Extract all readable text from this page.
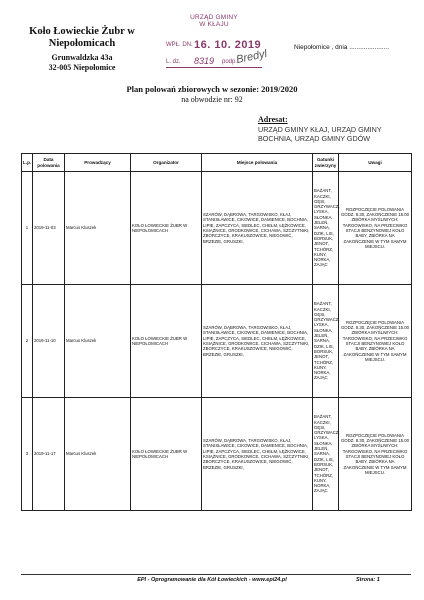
Koło Łowieckie Żubr w
Niepołomicach
Grunwaldzka 43a
32-005 Niepołomice
URZĄD GMINY
W KŁAJU
WPŁ. DN. 16. 10. 2019
L. dz. 8319 podp.
Bredyl
Niepołomice , dnia ......................
Plan polowań zbiorowych w sezonie: 2019/2020
na obwodzie nr: 92
Adresat:
URZĄD GMINY KŁAJ, URZĄD GMINY BOCHNIA, URZĄD GMINY GDÓW
L.p.	Data polowania	Prowadzący	Organizator	Miejsce polowania	Gatunki zwierzyny	Uwagi
1	2019-11-03	Marcus Kluszek	KOŁO ŁOWIECKIE ŻUBR W NIEPOŁOMICACH	SZARÓW, DĄBROWA, TARGOWISKO, KŁAJ, STANISŁAWICE, CIKOWICE, DAMIENICE, BOCHNIA, LIPIE, ZAPCZYCA, SIEDLEC, CHEŁM, ŁĘŻKOWICE, KSIĄŻNICE, GRODKOWICE, CICHAWA, SZCZYTNIKI, ZBORCZYCE, KRAKUSZOWICE, NIEGOWIĆ, BRZEZIE, GRUSZKI,	BAŻANT, KACZKI, GĘSI, GRZYWACZ, LYSKA, SŁONKA, JELEŃ, SARNA, DZIK, LIS, BORSUK, JENOT, TCHÓRZ, KUNY, NORKA, ZAJĄC	ROZPOCZĘCIE POLOWANIA GODZ. 8.30, ZAKOŃCZENIE 15.00 ZBIÓRKA MYŚLIWYCH: TARGOWISKO, NA PRZECIWKO STACJI BENZYNOWEJ KOŁO BABY, ZBIÓRKA NA ZAKOŃCZENIE W TYM SAMYM MIEJSCU.
2	2019-11-10	Marcus Kluszek	KOŁO ŁOWIECKIE ŻUBR W NIEPOŁOMICACH	SZARÓW, DĄBROWA, TARGOWISKO, KŁAJ, STANISŁAWICE, CIKOWICE, DAMIENICE, BOCHNIA, LIPIE, ZAPCZYCA, SIEDLEC, CHEŁM, ŁĘŻKOWICE, KSIĄŻNICE, GRODKOWICE, CICHAWA, SZCZYTNIKI, ZBORCZYCE, KRAKUSZOWICE, NIEGOWIĆ, BRZEZIE, GRUSZKI,	BAŻANT, KACZKI, GĘSI, GRZYWACZ, LYSKA, SŁONKA, JELEŃ, SARNA, DZIK, LIS, BORSUK, JENOT, TCHÓRZ, KUNY, NORKA, ZAJĄC	ROZPOCZĘCIE POLOWANIA GODZ. 8.30, ZAKOŃCZENIE 15.00 ZBIÓRKA MYŚLIWYCH: TARGOWISKO, NA PRZECIWKO STACJI BENZYNOWEJ KOŁO BABY, ZBIÓRKA NA ZAKOŃCZENIE W TYM SAMYM MIEJSCU.
3	2019-11-17	Marcus Kluszek	KOŁO ŁOWIECKIE ŻUBR W NIEPOŁOMICACH	SZARÓW, DĄBROWA, TARGOWISKO, KŁAJ, STANISŁAWICE, CIKOWICE, DAMIENICE, BOCHNIA, LIPIE, ZAPCZYCA, SIEDLEC, CHEŁM, ŁĘŻKOWICE, KSIĄŻNICE, GRODKOWICE, CICHAWA, SZCZYTNIKI, ZBORCZYCE, KRAKUSZOWICE, NIEGOWIĆ, BRZEZIE, GRUSZKI,	BAŻANT, KACZKI, GĘSI, GRZYWACZ, LYSKA, SŁONKA, JELEŃ, SARNA, DZIK, LIS, BORSUK, JENOT, TCHÓRZ, KUNY, NORKA, ZAJĄC	ROZPOCZĘCIE POLOWANIA GODZ. 8.30, ZAKOŃCZENIE 15.00 ZBIÓRKA MYŚLIWYCH: TARGOWISKO, NA PRZECIWKO STACJI BENZYNOWEJ KOŁO BABY, ZBIÓRKA NA ZAKOŃCZENIE W TYM SAMYM MIEJSCU.
EPI - Oprogramowanie dla Kół Łowieckich - www.epi24.pl	Strona: 1
